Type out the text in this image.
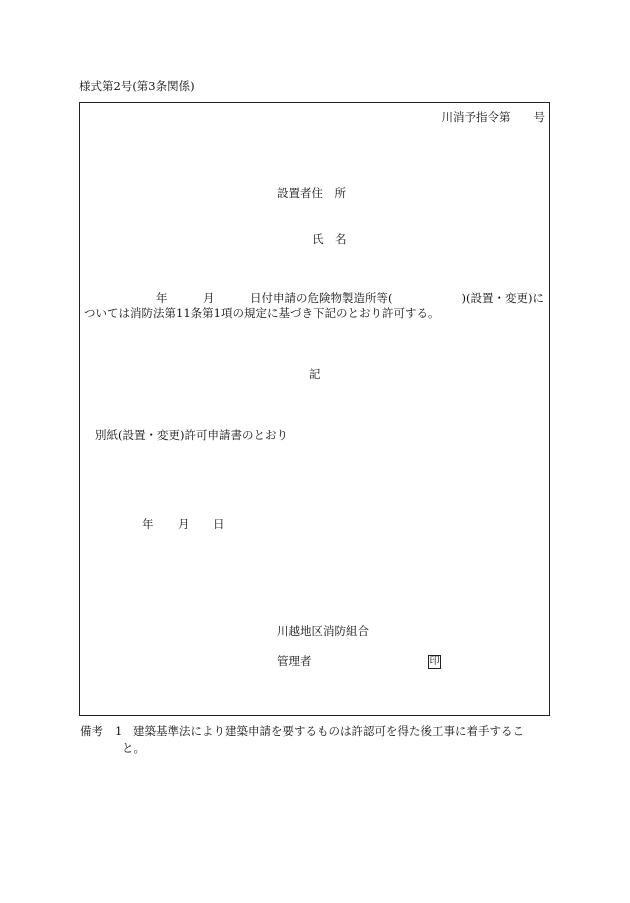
様式第2号(第3条関係)
川消予指令第　　号
設置者住　所
氏　名
年	月	日付申請の危険物製造所等(　　　　　　)(設置・変更)に
ついては消防法第11条第1項の規定に基づき下記のとおり許可する。
記
別紙(設置・変更)許可申請書のとおり
年 月 日
川越地区消防組合
管理者	印
備考 1 建築基準法により建築申請を要するものは許認可を得た後工事に着手するこ
と。
